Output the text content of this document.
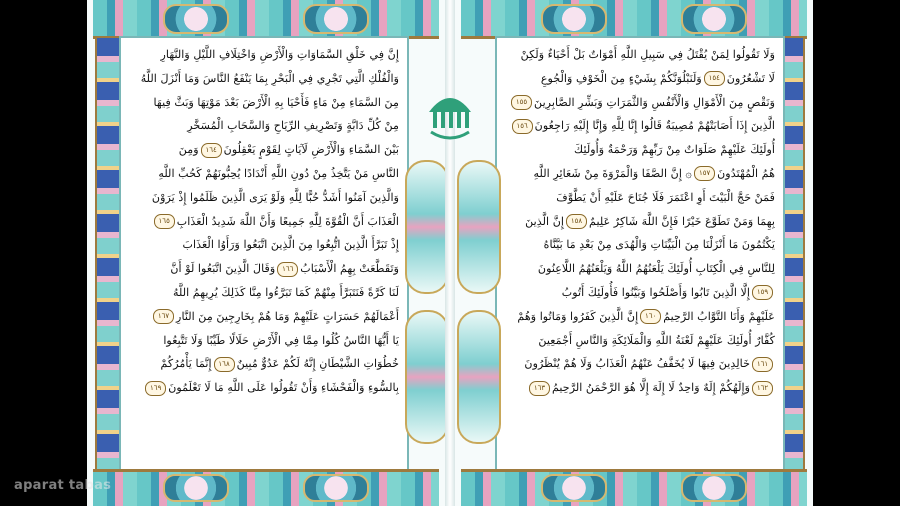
إِنَّ فِي خَلْقِ السَّمَاوَاتِ وَالْأَرْضِ وَاخْتِلَافِ اللَّيْلِ وَالنَّهَارِ
وَالْفُلْكِ الَّتِي تَجْرِي فِي الْبَحْرِ بِمَا يَنْفَعُ النَّاسَ وَمَا أَنْزَلَ اللَّهُ
مِنَ السَّمَاءِ مِنْ مَاءٍ فَأَحْيَا بِهِ الْأَرْضَ بَعْدَ مَوْتِهَا وَبَثَّ فِيهَا
مِنْ كُلِّ دَابَّةٍ وَتَصْرِيفِ الرِّيَاحِ وَالسَّحَابِ الْمُسَخَّرِ
بَيْنَ السَّمَاءِ وَالْأَرْضِ لَآيَاتٍ لِقَوْمٍ يَعْقِلُونَ١٦٤وَمِنَ
النَّاسِ مَنْ يَتَّخِذُ مِنْ دُونِ اللَّهِ أَنْدَادًا يُحِبُّونَهُمْ كَحُبِّ اللَّهِ
وَالَّذِينَ آمَنُوا أَشَدُّ حُبًّا لِلَّهِ وَلَوْ يَرَى الَّذِينَ ظَلَمُوا إِذْ يَرَوْنَ
الْعَذَابَ أَنَّ الْقُوَّةَ لِلَّهِ جَمِيعًا وَأَنَّ اللَّهَ شَدِيدُ الْعَذَابِ١٦٥
إِذْ تَبَرَّأَ الَّذِينَ اتُّبِعُوا مِنَ الَّذِينَ اتَّبَعُوا وَرَأَوُا الْعَذَابَ
وَتَقَطَّعَتْ بِهِمُ الْأَسْبَابُ١٦٦وَقَالَ الَّذِينَ اتَّبَعُوا لَوْ أَنَّ
لَنَا كَرَّةً فَنَتَبَرَّأَ مِنْهُمْ كَمَا تَبَرَّءُوا مِنَّا كَذَلِكَ يُرِيهِمُ اللَّهُ
أَعْمَالَهُمْ حَسَرَاتٍ عَلَيْهِمْ وَمَا هُمْ بِخَارِجِينَ مِنَ النَّارِ١٦٧
يَا أَيُّهَا النَّاسُ كُلُوا مِمَّا فِي الْأَرْضِ حَلَالًا طَيِّبًا وَلَا تَتَّبِعُوا
خُطُوَاتِ الشَّيْطَانِ إِنَّهُ لَكُمْ عَدُوٌّ مُبِينٌ١٦٨إِنَّمَا يَأْمُرُكُمْ
بِالسُّوءِ وَالْفَحْشَاءِ وَأَنْ تَقُولُوا عَلَى اللَّهِ مَا لَا تَعْلَمُونَ١٦٩
وَلَا تَقُولُوا لِمَنْ يُقْتَلُ فِي سَبِيلِ اللَّهِ أَمْوَاتٌ بَلْ أَحْيَاءٌ وَلَكِنْ
لَا تَشْعُرُونَ١٥٤وَلَنَبْلُوَنَّكُمْ بِشَيْءٍ مِنَ الْخَوْفِ وَالْجُوعِ
وَنَقْصٍ مِنَ الْأَمْوَالِ وَالْأَنْفُسِ وَالثَّمَرَاتِ وَبَشِّرِ الصَّابِرِينَ١٥٥
الَّذِينَ إِذَا أَصَابَتْهُمْ مُصِيبَةٌ قَالُوا إِنَّا لِلَّهِ وَإِنَّا إِلَيْهِ رَاجِعُونَ١٥٦
أُولَئِكَ عَلَيْهِمْ صَلَوَاتٌ مِنْ رَبِّهِمْ وَرَحْمَةٌ وَأُولَئِكَ
هُمُ الْمُهْتَدُونَ١٥٧۞ إِنَّ الصَّفَا وَالْمَرْوَةَ مِنْ شَعَائِرِ اللَّهِ
فَمَنْ حَجَّ الْبَيْتَ أَوِ اعْتَمَرَ فَلَا جُنَاحَ عَلَيْهِ أَنْ يَطَّوَّفَ
بِهِمَا وَمَنْ تَطَوَّعَ خَيْرًا فَإِنَّ اللَّهَ شَاكِرٌ عَلِيمٌ١٥٨إِنَّ الَّذِينَ
يَكْتُمُونَ مَا أَنْزَلْنَا مِنَ الْبَيِّنَاتِ وَالْهُدَى مِنْ بَعْدِ مَا بَيَّنَّاهُ
لِلنَّاسِ فِي الْكِتَابِ أُولَئِكَ يَلْعَنُهُمُ اللَّهُ وَيَلْعَنُهُمُ اللَّاعِنُونَ
١٥٩إِلَّا الَّذِينَ تَابُوا وَأَصْلَحُوا وَبَيَّنُوا فَأُولَئِكَ أَتُوبُ
عَلَيْهِمْ وَأَنَا التَّوَّابُ الرَّحِيمُ١٦٠إِنَّ الَّذِينَ كَفَرُوا وَمَاتُوا وَهُمْ
كُفَّارٌ أُولَئِكَ عَلَيْهِمْ لَعْنَةُ اللَّهِ وَالْمَلَائِكَةِ وَالنَّاسِ أَجْمَعِينَ
١٦١خَالِدِينَ فِيهَا لَا يُخَفَّفُ عَنْهُمُ الْعَذَابُ وَلَا هُمْ يُنْظَرُونَ
١٦٢وَإِلَهُكُمْ إِلَهٌ وَاحِدٌ لَا إِلَهَ إِلَّا هُوَ الرَّحْمَنُ الرَّحِيمُ١٦٣
aparat tabas
